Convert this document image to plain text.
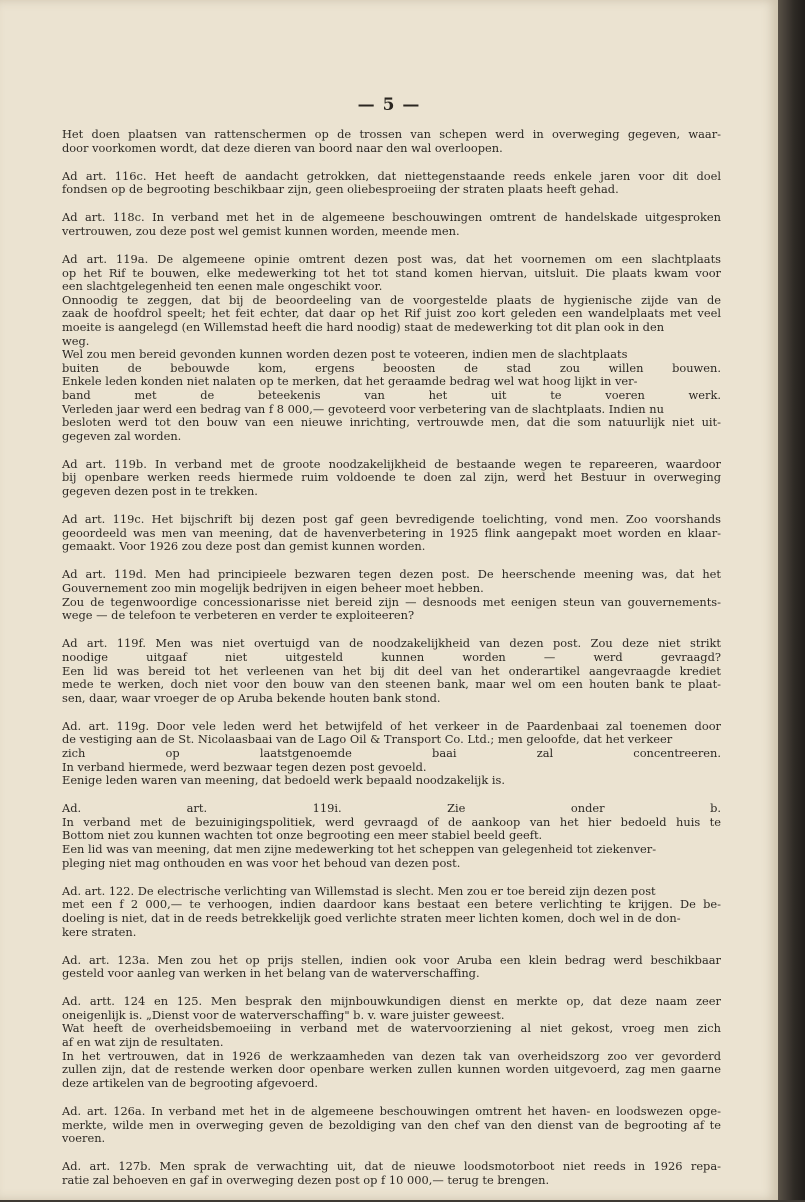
— 5 —
Het doen plaatsen van rattenschermen op de trossen van schepen werd in overweging gegeven, waar-
door voorkomen wordt, dat deze dieren van boord naar den wal overloopen.
Ad art. 116c. Het heeft de aandacht getrokken, dat niettegenstaande reeds enkele jaren voor dit doel
fondsen op de begrooting beschikbaar zijn, geen oliebesproeiing der straten plaats heeft gehad.
Ad art. 118c. In verband met het in de algemeene beschouwingen omtrent de handelskade uitgesproken
vertrouwen, zou deze post wel gemist kunnen worden, meende men.
Ad art. 119a. De algemeene opinie omtrent dezen post was, dat het voornemen om een slachtplaats
op het Rif te bouwen, elke medewerking tot het tot stand komen hiervan, uitsluit. Die plaats kwam voor
een slachtgelegenheid ten eenen male ongeschikt voor.
Onnoodig te zeggen, dat bij de beoordeeling van de voorgestelde plaats de hygienische zijde van de
zaak de hoofdrol speelt; het feit echter, dat daar op het Rif juist zoo kort geleden een wandelplaats met veel
moeite is aangelegd (en Willemstad heeft die hard noodig) staat de medewerking tot dit plan ook in den
weg.
Wel zou men bereid gevonden kunnen worden dezen post te voteeren, indien men de slachtplaats
buiten de bebouwde kom, ergens beoosten de stad zou willen bouwen.
Enkele leden konden niet nalaten op te merken, dat het geraamde bedrag wel wat hoog lijkt in ver-
band met de beteekenis van het uit te voeren werk.
Verleden jaar werd een bedrag van f 8 000,— gevoteerd voor verbetering van de slachtplaats. Indien nu
besloten werd tot den bouw van een nieuwe inrichting, vertrouwde men, dat die som natuurlijk niet uit-
gegeven zal worden.
Ad art. 119b. In verband met de groote noodzakelijkheid de bestaande wegen te repareeren, waardoor
bij openbare werken reeds hiermede ruim voldoende te doen zal zijn, werd het Bestuur in overweging
gegeven dezen post in te trekken.
Ad art. 119c. Het bijschrift bij dezen post gaf geen bevredigende toelichting, vond men. Zoo voorshands
geoordeeld was men van meening, dat de havenverbetering in 1925 flink aangepakt moet worden en klaar-
gemaakt. Voor 1926 zou deze post dan gemist kunnen worden.
Ad art. 119d. Men had principieele bezwaren tegen dezen post. De heerschende meening was, dat het
Gouvernement zoo min mogelijk bedrijven in eigen beheer moet hebben.
Zou de tegenwoordige concessionarisse niet bereid zijn — desnoods met eenigen steun van gouvernements-
wege — de telefoon te verbeteren en verder te exploiteeren?
Ad art. 119f. Men was niet overtuigd van de noodzakelijkheid van dezen post. Zou deze niet strikt
noodige uitgaaf niet uitgesteld kunnen worden — werd gevraagd?
Een lid was bereid tot het verleenen van het bij dit deel van het onderartikel aangevraagde krediet
mede te werken, doch niet voor den bouw van den steenen bank, maar wel om een houten bank te plaat-
sen, daar, waar vroeger de op Aruba bekende houten bank stond.
Ad. art. 119g. Door vele leden werd het betwijfeld of het verkeer in de Paardenbaai zal toenemen door
de vestiging aan de St. Nicolaasbaai van de Lago Oil & Transport Co. Ltd.; men geloofde, dat het verkeer
zich op laatstgenoemde baai zal concentreeren.
In verband hiermede, werd bezwaar tegen dezen post gevoeld.
Eenige leden waren van meening, dat bedoeld werk bepaald noodzakelijk is.
Ad. art. 119i. Zie onder b.
In verband met de bezuinigingspolitiek, werd gevraagd of de aankoop van het hier bedoeld huis te
Bottom niet zou kunnen wachten tot onze begrooting een meer stabiel beeld geeft.
Een lid was van meening, dat men zijne medewerking tot het scheppen van gelegenheid tot ziekenver-
pleging niet mag onthouden en was voor het behoud van dezen post.
Ad. art. 122. De electrische verlichting van Willemstad is slecht. Men zou er toe bereid zijn dezen post
met een f 2 000,— te verhoogen, indien daardoor kans bestaat een betere verlichting te krijgen. De be-
doeling is niet, dat in de reeds betrekkelijk goed verlichte straten meer lichten komen, doch wel in de don-
kere straten.
Ad. art. 123a. Men zou het op prijs stellen, indien ook voor Aruba een klein bedrag werd beschikbaar
gesteld voor aanleg van werken in het belang van de waterverschaffing.
Ad. artt. 124 en 125. Men besprak den mijnbouwkundigen dienst en merkte op, dat deze naam zeer
oneigenlijk is. „Dienst voor de waterverschaffing" b. v. ware juister geweest.
Wat heeft de overheidsbemoeiing in verband met de watervoorziening al niet gekost, vroeg men zich
af en wat zijn de resultaten.
In het vertrouwen, dat in 1926 de werkzaamheden van dezen tak van overheidszorg zoo ver gevorderd
zullen zijn, dat de restende werken door openbare werken zullen kunnen worden uitgevoerd, zag men gaarne
deze artikelen van de begrooting afgevoerd.
Ad. art. 126a. In verband met het in de algemeene beschouwingen omtrent het haven- en loodswezen opge-
merkte, wilde men in overweging geven de bezoldiging van den chef van den dienst van de begrooting af te
voeren.
Ad. art. 127b. Men sprak de verwachting uit, dat de nieuwe loodsmotorboot niet reeds in 1926 repa-
ratie zal behoeven en gaf in overweging dezen post op f 10 000,— terug te brengen.
